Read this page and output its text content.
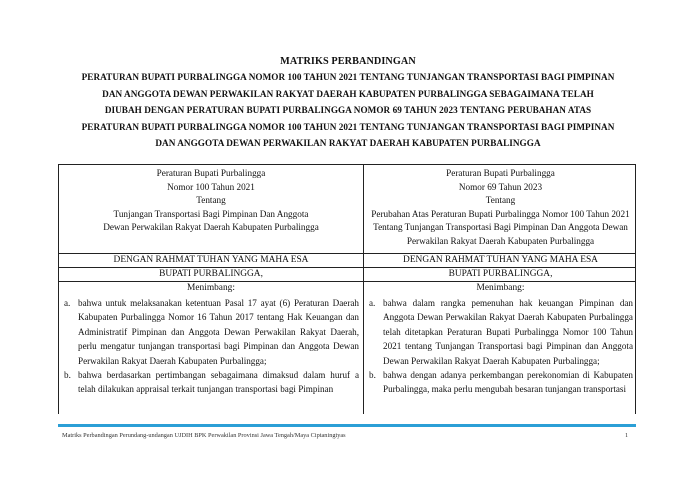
MATRIKS PERBANDINGAN
PERATURAN BUPATI PURBALINGGA NOMOR 100 TAHUN 2021 TENTANG TUNJANGAN TRANSPORTASI BAGI PIMPINAN
DAN ANGGOTA DEWAN PERWAKILAN RAKYAT DAERAH KABUPATEN PURBALINGGA SEBAGAIMANA TELAH
DIUBAH DENGAN PERATURAN BUPATI PURBALINGGA NOMOR 69 TAHUN 2023 TENTANG PERUBAHAN ATAS
PERATURAN BUPATI PURBALINGGA NOMOR 100 TAHUN 2021 TENTANG TUNJANGAN TRANSPORTASI BAGI PIMPINAN
DAN ANGGOTA DEWAN PERWAKILAN RAKYAT DAERAH KABUPATEN PURBALINGGA
Peraturan Bupati Purbalingga
Nomor 100 Tahun 2021
Tentang
Tunjangan Transportasi Bagi Pimpinan Dan Anggota
Dewan Perwakilan Rakyat Daerah Kabupaten Purbalingga
DENGAN RAHMAT TUHAN YANG MAHA ESA
BUPATI PURBALINGGA,
Menimbang:
a. bahwa untuk melaksanakan ketentuan Pasal 17 ayat (6) Peraturan Daerah Kabupaten Purbalingga Nomor 16 Tahun 2017 tentang Hak Keuangan dan Administratif Pimpinan dan Anggota Dewan Perwakilan Rakyat Daerah, perlu mengatur tunjangan transportasi bagi Pimpinan dan Anggota Dewan Perwakilan Rakyat Daerah Kabupaten Purbalingga;
b. bahwa berdasarkan pertimbangan sebagaimana dimaksud dalam huruf a telah dilakukan appraisal terkait tunjangan transportasi bagi Pimpinan
Peraturan Bupati Purbalingga
Nomor 69 Tahun 2023
Tentang
Perubahan Atas Peraturan Bupati Purbalingga Nomor 100 Tahun 2021
Tentang Tunjangan Transportasi Bagi Pimpinan Dan Anggota Dewan
Perwakilan Rakyat Daerah Kabupaten Purbalingga
DENGAN RAHMAT TUHAN YANG MAHA ESA
BUPATI PURBALINGGA,
Menimbang:
a. bahwa dalam rangka pemenuhan hak keuangan Pimpinan dan Anggota Dewan Perwakilan Rakyat Daerah Kabupaten Purbalingga telah ditetapkan Peraturan Bupati Purbalingga Nomor 100 Tahun 2021 tentang Tunjangan Transportasi bagi Pimpinan dan Anggota Dewan Perwakilan Rakyat Daerah Kabupaten Purbalingga;
b. bahwa dengan adanya perkembangan perekonomian di Kabupaten Purbalingga, maka perlu mengubah besaran tunjangan transportasi
Matriks Perbandingan Perundang-undangan UJDIH BPK Perwakilan Provinsi Jawa Tengah/Maya Ciptaningtyas	1
